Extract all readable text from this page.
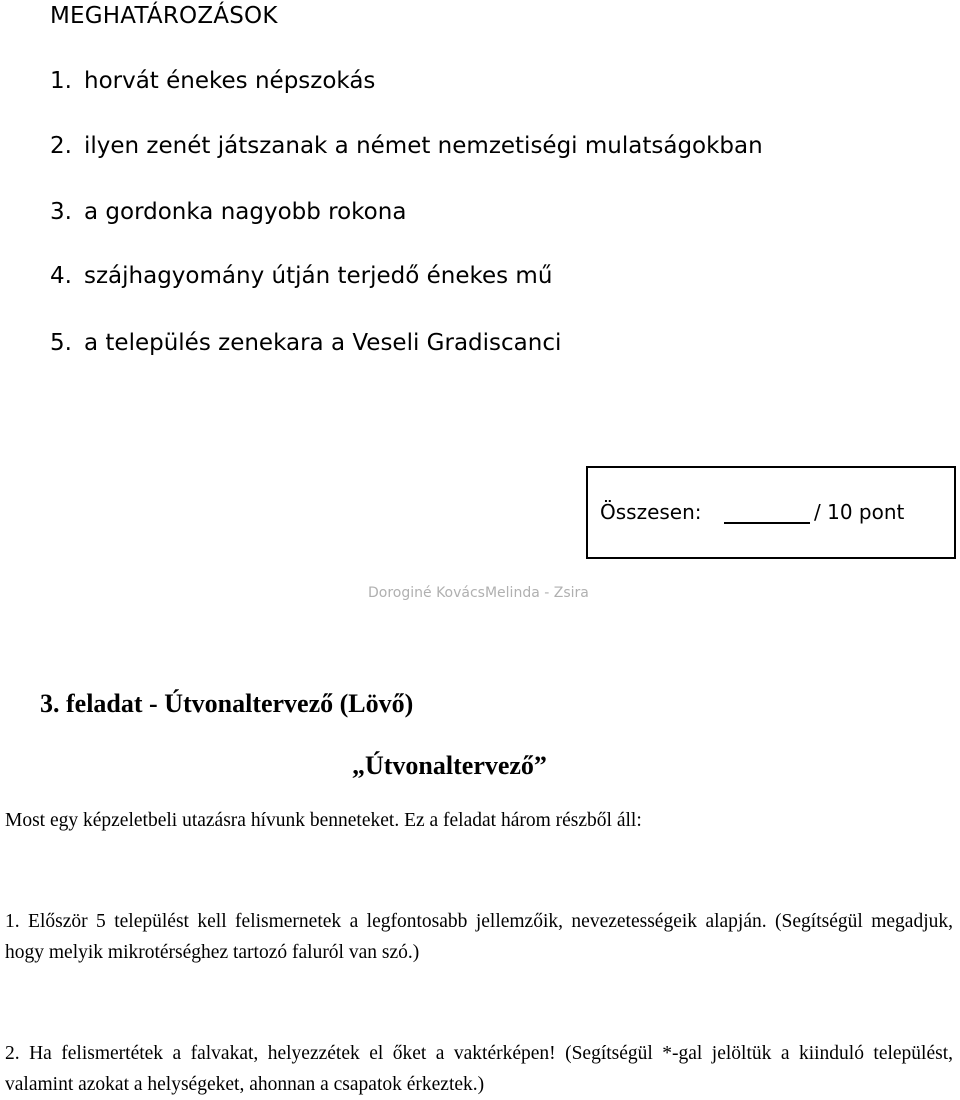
MEGHATÁROZÁSOK
1. horvát énekes népszokás
2. ilyen zenét játszanak a német nemzetiségi mulatságokban
3. a gordonka nagyobb rokona
4. szájhagyomány útján terjedő énekes mű
5. a település zenekara a Veseli Gradiscanci
Összesen:	/ 10 pont
Doroginé KovácsMelinda - Zsira
3. feladat - Útvonaltervező (Lövő)
„Útvonaltervező”
Most egy képzeletbeli utazásra hívunk benneteket. Ez a feladat három részből áll:
1. Először 5 települést kell felismernetek a legfontosabb jellemzőik, nevezetességeik alapján. (Segítségül megadjuk, hogy melyik mikrotérséghez tartozó faluról van szó.)
2. Ha felismertétek a falvakat, helyezzétek el őket a vaktérképen! (Segítségül *-gal jelöltük a kiinduló települést, valamint azokat a helységeket, ahonnan a csapatok érkeztek.)
